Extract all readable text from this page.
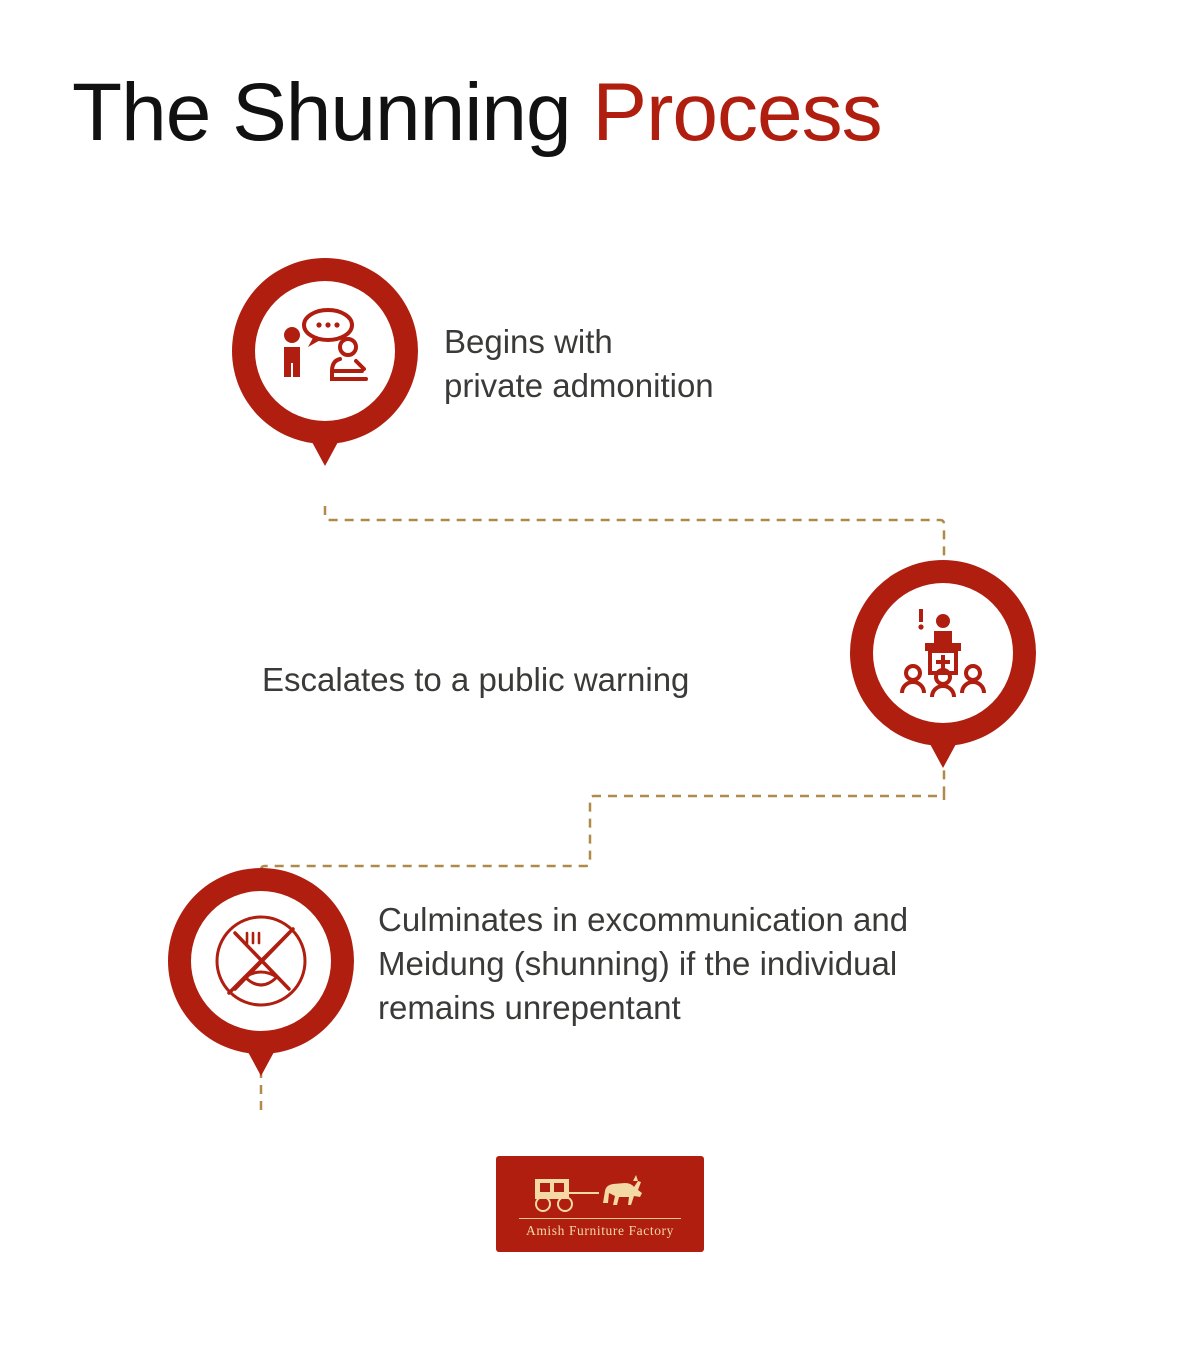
The Shunning Process
Begins with
private admonition
Escalates to a public warning
Culminates in excommunication and Meidung (shunning) if the individual remains unrepentant
Amish Furniture Factory
